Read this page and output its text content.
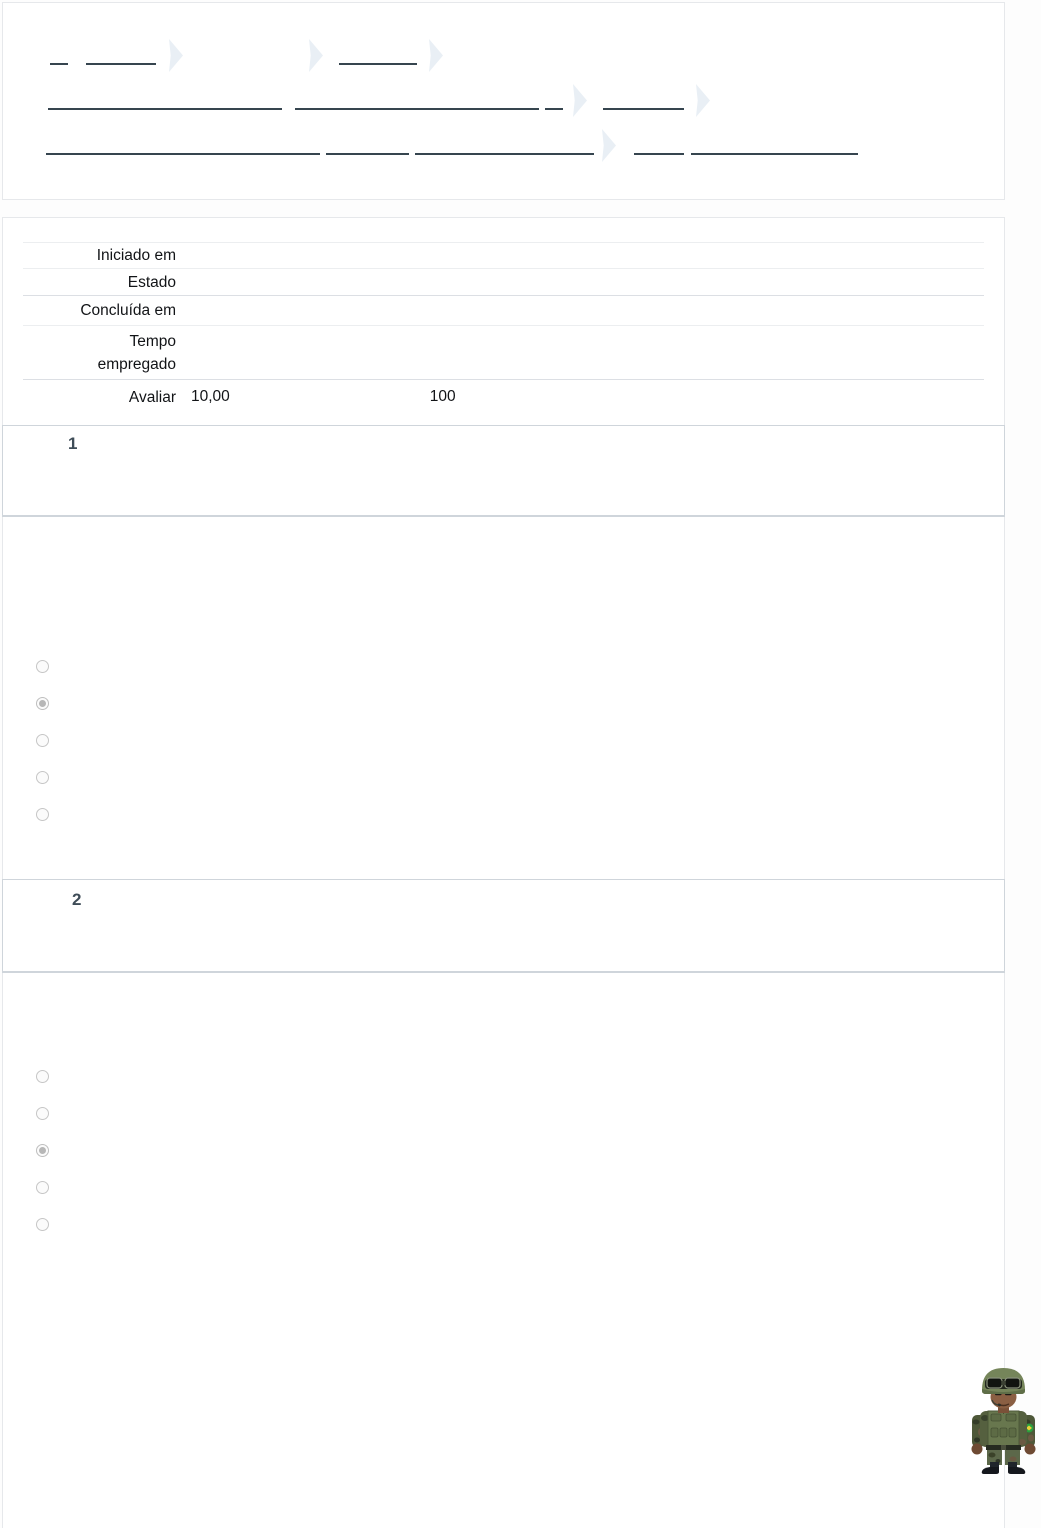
Iniciado em
Estado
Concluída em
Tempo empregado
Avaliar 10,00	100
1
2
